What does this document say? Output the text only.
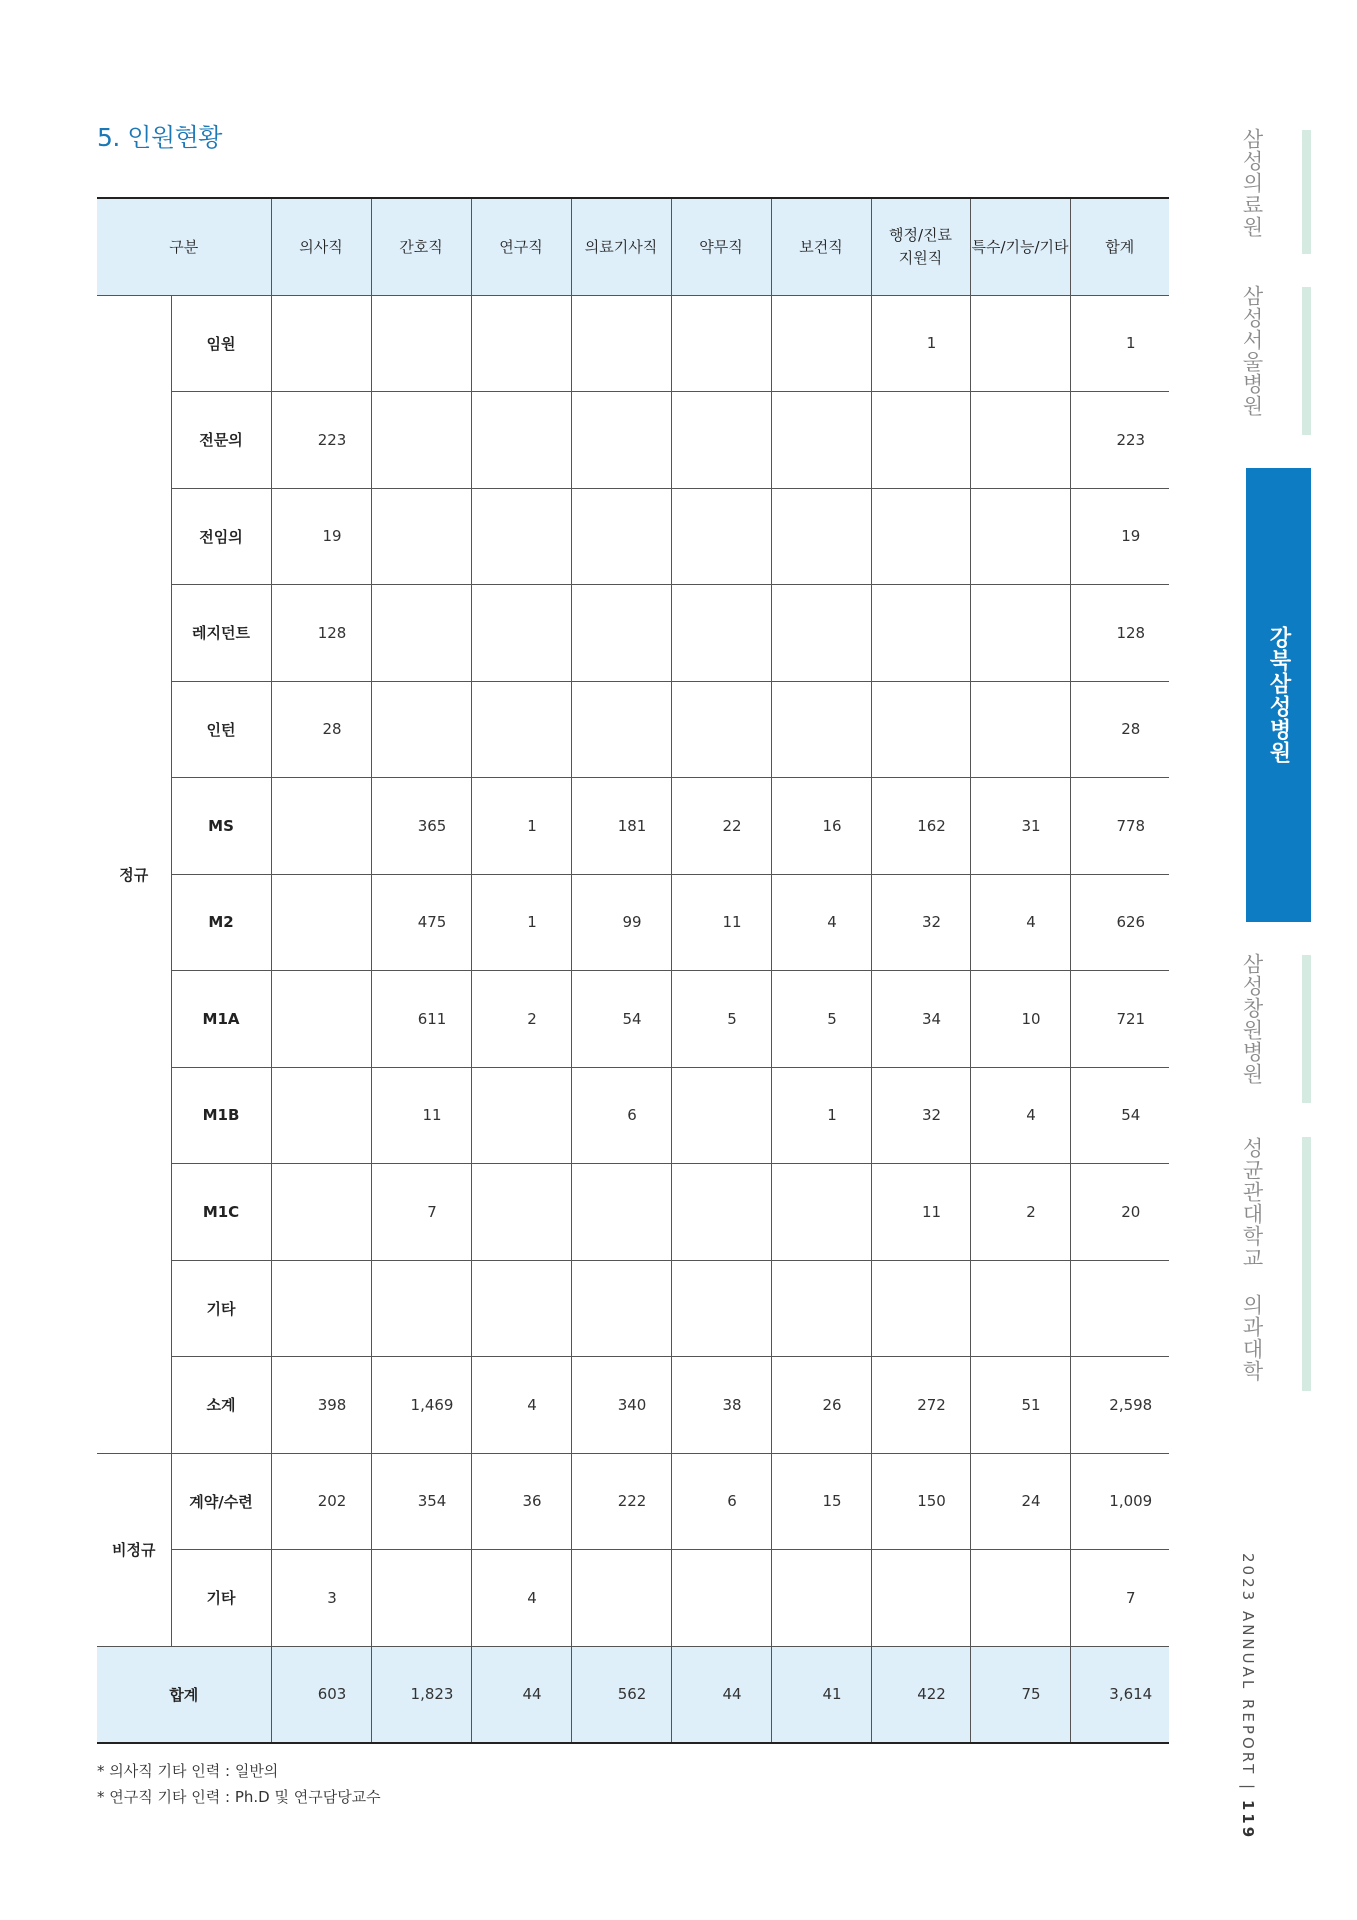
5. 인원현황
구분		의사직	간호직	연구직	의료기사직	약무직	보건직	행정/진료
지원직	특수/기능/기타	합계
정규	임원							1		1
	전문의	223								223
	전임의	19								19
	레지던트	128								128
	인턴	28								28
	MS		365	1	181	22	16	162	31	778
	M2		475	1	99	11	4	32	4	626
	M1A		611	2	54	5	5	34	10	721
	M1B		11		6		1	32	4	54
	M1C		7					11	2	20
	기타									
	소계	398	1,469	4	340	38	26	272	51	2,598
비정규	계약/수련	202	354	36	222	6	15	150	24	1,009
	기타	3		4						7
합계		603	1,823	44	562	44	41	422	75	3,614
* 의사직 기타 인력 : 일반의
* 연구직 기타 인력 : Ph.D 및 연구담당교수
삼성의료원
삼성서울병원
강북삼성병원
삼성창원병원
성균관대학교 의과대학
2023 ANNUAL REPORT | 119
